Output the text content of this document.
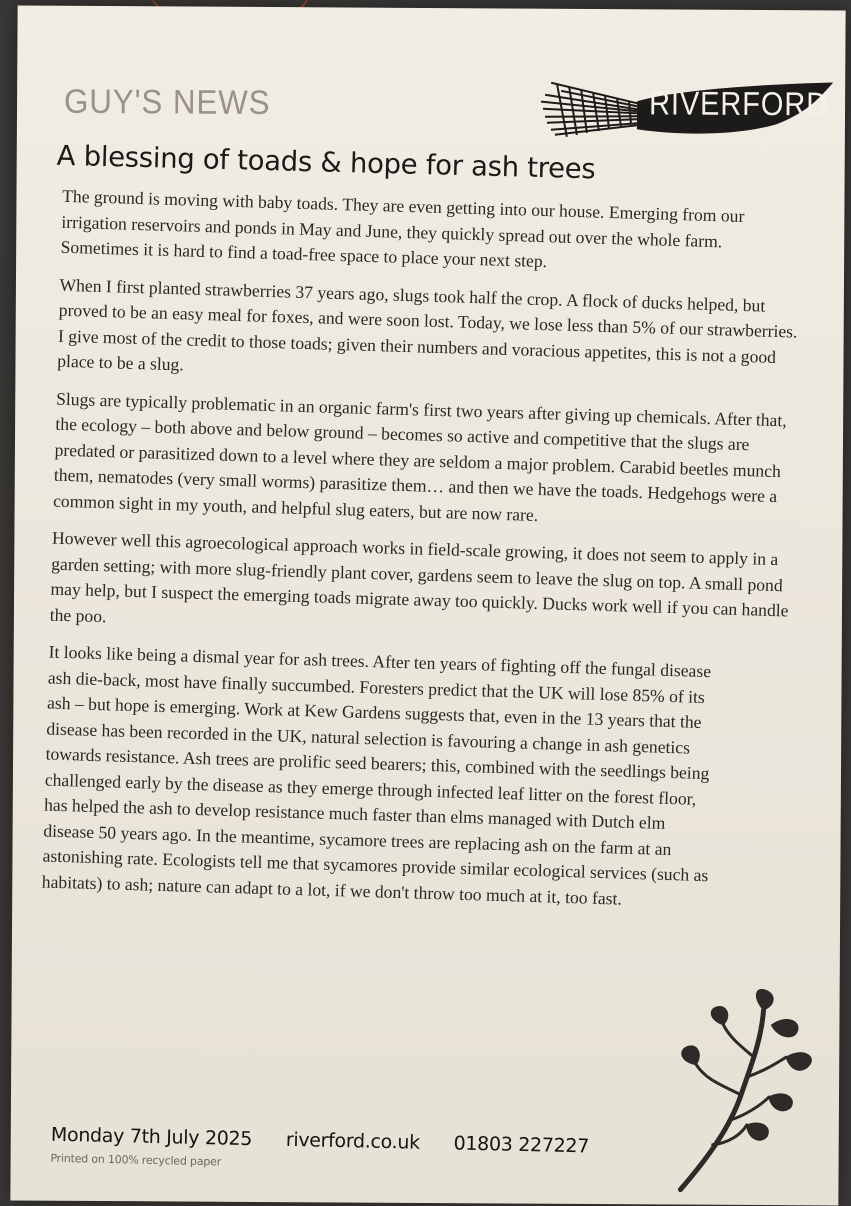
GUY'S NEWS	RIVERFORD
A blessing of toads & hope for ash trees

The ground is moving with baby toads. They are even getting into our house. Emerging from our irrigation reservoirs and ponds in May and June, they quickly spread out over the whole farm. Sometimes it is hard to find a toad-free space to place your next step.

When I first planted strawberries 37 years ago, slugs took half the crop. A flock of ducks helped, but proved to be an easy meal for foxes, and were soon lost. Today, we lose less than 5% of our strawberries. I give most of the credit to those toads; given their numbers and voracious appetites, this is not a good place to be a slug.

Slugs are typically problematic in an organic farm's first two years after giving up chemicals. After that, the ecology – both above and below ground – becomes so active and competitive that the slugs are predated or parasitized down to a level where they are seldom a major problem. Carabid beetles munch them, nematodes (very small worms) parasitize them… and then we have the toads. Hedgehogs were a common sight in my youth, and helpful slug eaters, but are now rare.

However well this agroecological approach works in field-scale growing, it does not seem to apply in a garden setting; with more slug-friendly plant cover, gardens seem to leave the slug on top. A small pond may help, but I suspect the emerging toads migrate away too quickly. Ducks work well if you can handle the poo.

It looks like being a dismal year for ash trees. After ten years of fighting off the fungal disease ash die-back, most have finally succumbed. Foresters predict that the UK will lose 85% of its ash – but hope is emerging. Work at Kew Gardens suggests that, even in the 13 years that the disease has been recorded in the UK, natural selection is favouring a change in ash genetics towards resistance. Ash trees are prolific seed bearers; this, combined with the seedlings being challenged early by the disease as they emerge through infected leaf litter on the forest floor, has helped the ash to develop resistance much faster than elms managed with Dutch elm disease 50 years ago. In the meantime, sycamore trees are replacing ash on the farm at an astonishing rate. Ecologists tell me that sycamores provide similar ecological services (such as habitats) to ash; nature can adapt to a lot, if we don't throw too much at it, too fast.

Monday 7th July 2025 riverford.co.uk 01803 227227
Printed on 100% recycled paper
